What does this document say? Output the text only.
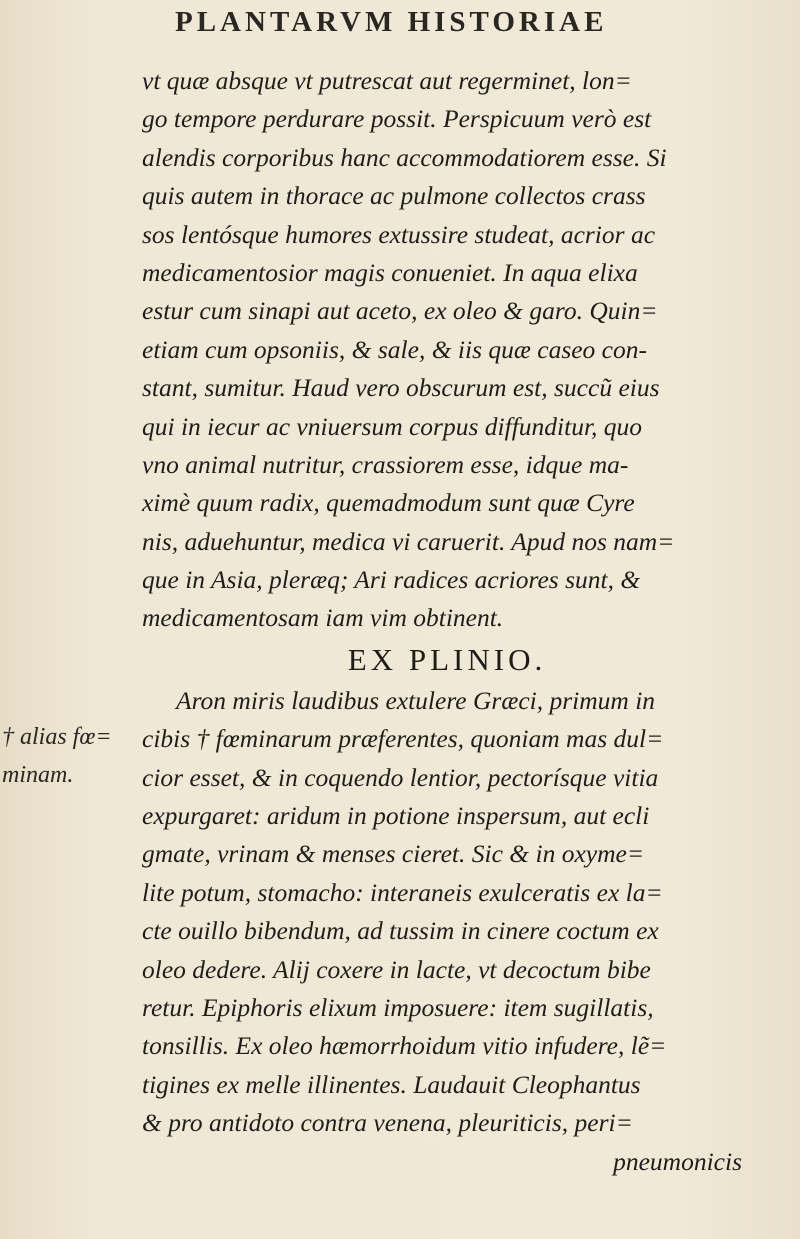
PLANTARVM HISTORIAE
vt quæ absque vt putrescat aut regerminet, lon=
go tempore perdurare possit. Perspicuum verò est
alendis corporibus hanc accommodatiorem esse. Si
quis autem in thorace ac pulmone collectos crass
sos lentósque humores extussire studeat, acrior ac
medicamentosior magis conueniet. In aqua elixa
estur cum sinapi aut aceto, ex oleo & garo. Quin=
etiam cum opsoniis, & sale, & iis quæ caseo con-
stant, sumitur. Haud vero obscurum est, succũ eius
qui in iecur ac vniuersum corpus diffunditur, quo
vno animal nutritur, crassiorem esse, idque ma-
ximè quum radix, quemadmodum sunt quæ Cyre
nis, aduehuntur, medica vi caruerit. Apud nos nam=
que in Asia, pleræq; Ari radices acriores sunt, &
medicamentosam iam vim obtinent.
EX PLINIO.
Aron miris laudibus extulere Græci, primum in
cibis † fœminarum præferentes, quoniam mas dul=
cior esset, & in coquendo lentior, pectorísque vitia
expurgaret: aridum in potione inspersum, aut ecli
gmate, vrinam & menses cieret. Sic & in oxyme=
lite potum, stomacho: interaneis exulceratis ex la=
cte ouillo bibendum, ad tussim in cinere coctum ex
oleo dedere. Alij coxere in lacte, vt decoctum bibe
retur. Epiphoris elixum imposuere: item sugillatis,
tonsillis. Ex oleo hæmorrhoidum vitio infudere, lẽ=
tigines ex melle illinentes. Laudauit Cleophantus
& pro antidoto contra venena, pleuriticis, peri=
pneumonicis
† alias fœ=
minam.
